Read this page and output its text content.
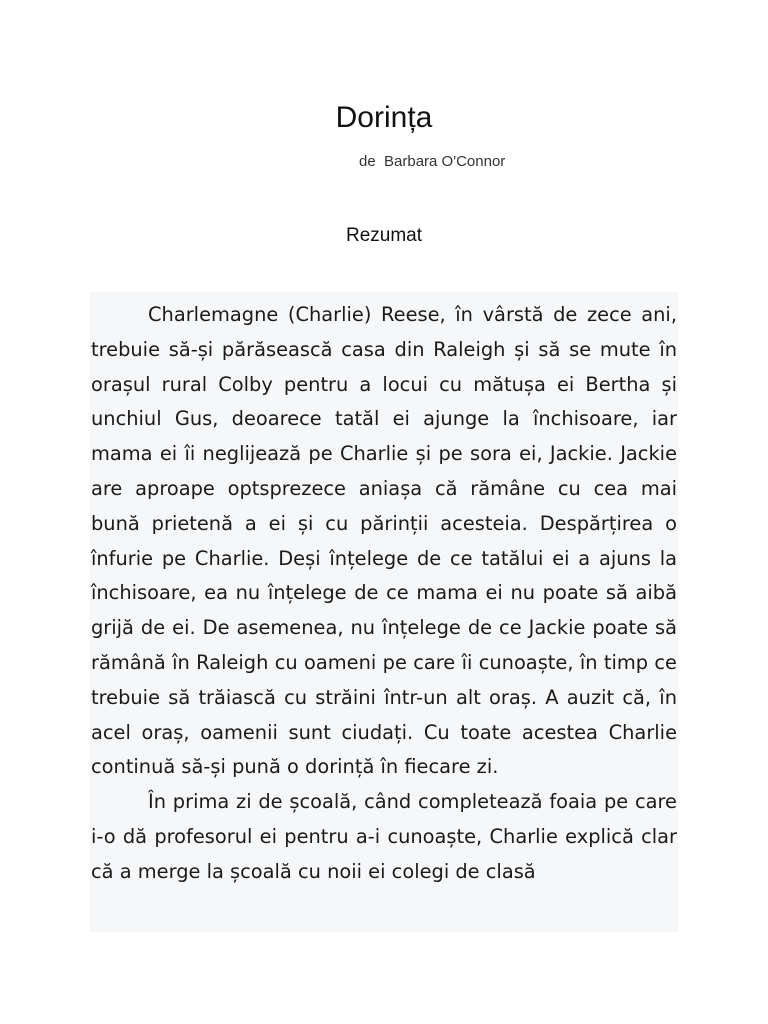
Dorința
de  Barbara O'Connor
Rezumat

Charlemagne (Charlie) Reese, în vârstă de zece ani, trebuie să-și părăsească casa din Raleigh și să se mute în orașul rural Colby pentru a locui cu mătușa ei Bertha și unchiul Gus, deoarece tatăl ei ajunge la închisoare, iar mama ei îi neglijează pe Charlie și pe sora ei, Jackie. Jackie are aproape optsprezece aniașa că rămâne cu cea mai bună prietenă a ei și cu părinții acesteia. Despărțirea o înfurie pe Charlie. Deși înțelege de ce tatălui ei a ajuns la închisoare, ea nu înțelege de ce mama ei nu poate să aibă grijă de ei. De asemenea, nu înțelege de ce Jackie poate să rămână în Raleigh cu oameni pe care îi cunoaște, în timp ce trebuie să trăiască cu străini într-un alt oraș. A auzit că, în acel oraș, oamenii sunt ciudați. Cu toate acestea Charlie continuă să-și pună o dorință în fiecare zi.

În prima zi de școală, când completează foaia pe care i-o dă profesorul ei pentru a-i cunoaște, Charlie explică clar că a merge la școală cu noii ei colegi de clasă
